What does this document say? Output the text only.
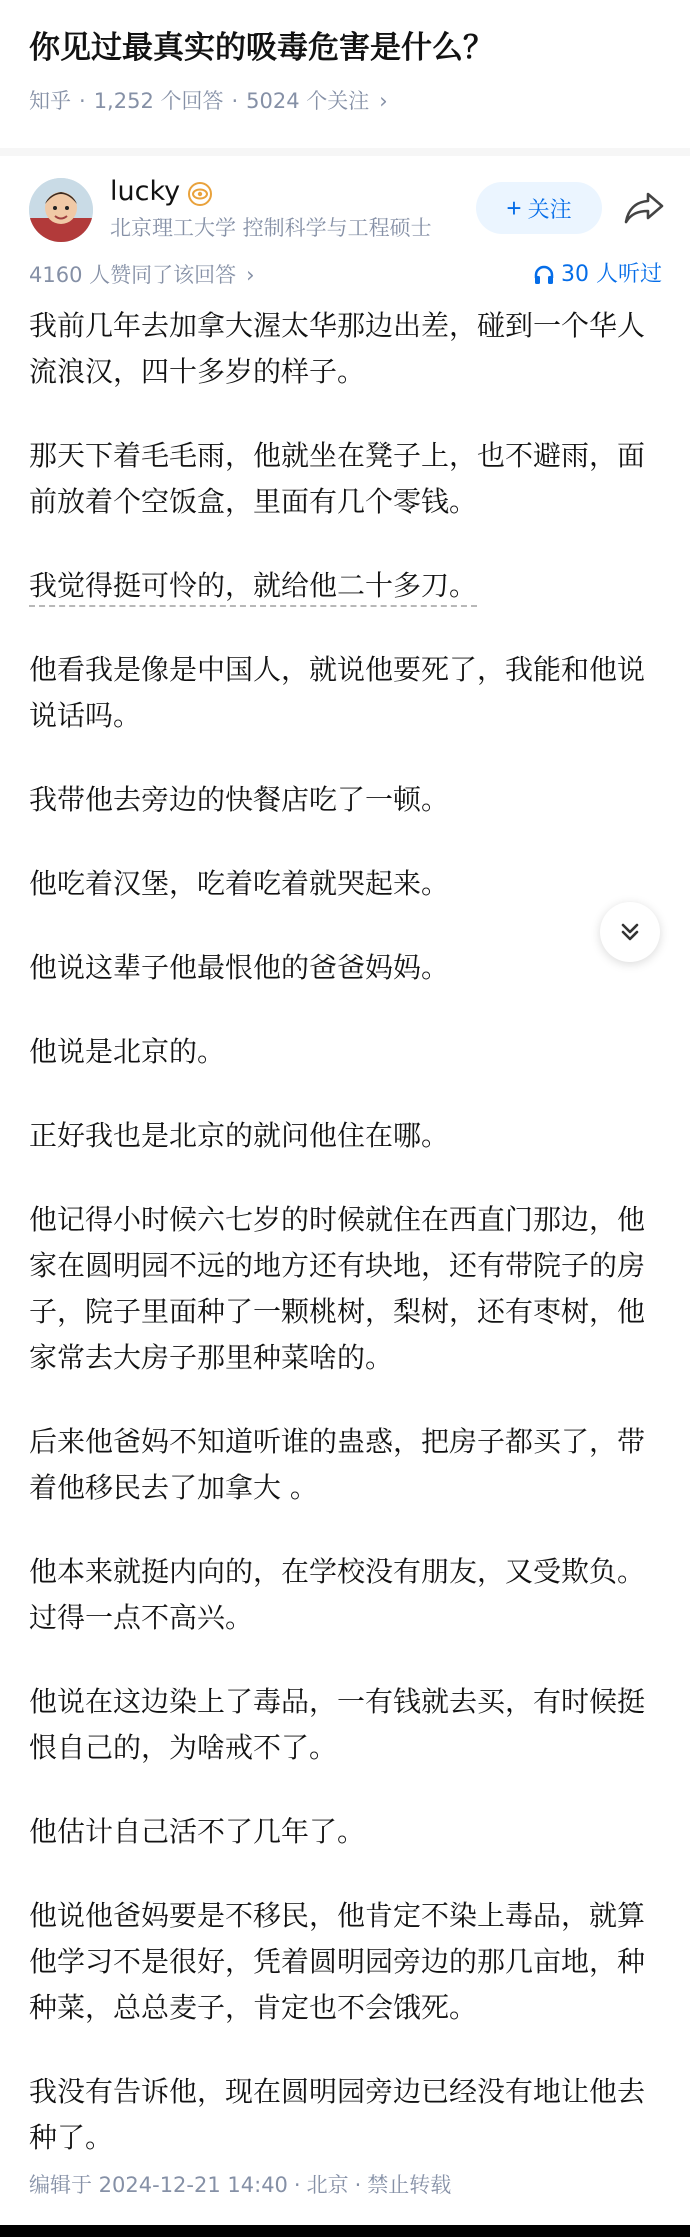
你见过最真实的吸毒危害是什么？
知乎 · 1,252 个回答 · 5024 个关注 ›
lucky
北京理工大学 控制科学与工程硕士
+ 关注
4160 人赞同了该回答 ›	30 人听过

我前几年去加拿大渥太华那边出差，碰到一个华人流浪汉，四十多岁的样子。

那天下着毛毛雨，他就坐在凳子上，也不避雨，面前放着个空饭盒，里面有几个零钱。

我觉得挺可怜的，就给他二十多刀。

他看我是像是中国人，就说他要死了，我能和他说说话吗。

我带他去旁边的快餐店吃了一顿。

他吃着汉堡，吃着吃着就哭起来。

他说这辈子他最恨他的爸爸妈妈。

他说是北京的。

正好我也是北京的就问他住在哪。

他记得小时候六七岁的时候就住在西直门那边，他家在圆明园不远的地方还有块地，还有带院子的房子，院子里面种了一颗桃树，梨树，还有枣树，他家常去大房子那里种菜啥的。

后来他爸妈不知道听谁的蛊惑，把房子都买了，带着他移民去了加拿大 。

他本来就挺内向的，在学校没有朋友，又受欺负。过得一点不高兴。

他说在这边染上了毒品，一有钱就去买，有时候挺恨自己的，为啥戒不了。

他估计自己活不了几年了。

他说他爸妈要是不移民，他肯定不染上毒品，就算他学习不是很好，凭着圆明园旁边的那几亩地，种种菜，总总麦子，肯定也不会饿死。

我没有告诉他，现在圆明园旁边已经没有地让他去种了。

编辑于 2024-12-21 14:40 · 北京 · 禁止转载
